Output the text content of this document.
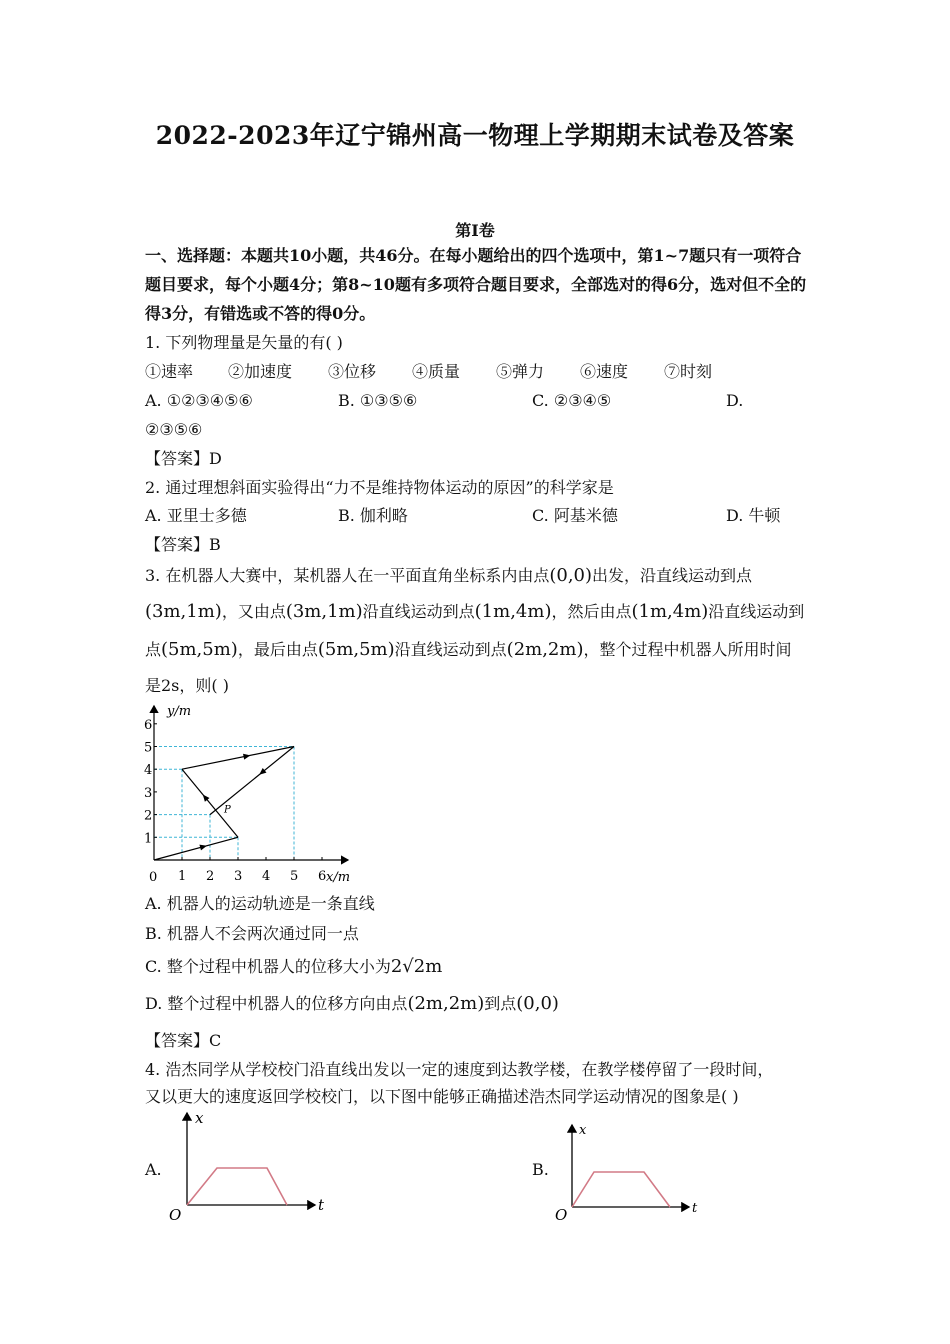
2022-2023年辽宁锦州高一物理上学期期末试卷及答案
第Ⅰ卷
一、选择题：本题共10小题，共46分。在每小题给出的四个选项中，第1~7题只有一项符合
题目要求，每个小题4分；第8~10题有多项符合题目要求，全部选对的得6分，选对但不全的
得3分，有错选或不答的得0分。
1. 下列物理量是矢量的有( )
①速率 ②加速度 ③位移 ④质量 ⑤弹力 ⑥速度 ⑦时刻
A. ①②③④⑤⑥	B. ①③⑤⑥	C. ②③④⑤	D.
②③⑤⑥
【答案】D
2. 通过理想斜面实验得出“力不是维持物体运动的原因”的科学家是
A. 亚里士多德	B. 伽利略	C. 阿基米德	D. 牛顿
【答案】B
3. 在机器人大赛中，某机器人在一平面直角坐标系内由点(0,0)出发，沿直线运动到点
(3m,1m)，又由点(3m,1m)沿直线运动到点(1m,4m)，然后由点(1m,4m)沿直线运动到
点(5m,5m)，最后由点(5m,5m)沿直线运动到点(2m,2m)，整个过程中机器人所用时间
是2s，则( )
1 2 3 4 5 6
1
2
3
4
5
6
y/m
x/m
0
P
A. 机器人的运动轨迹是一条直线
B. 机器人不会两次通过同一点
C. 整个过程中机器人的位移大小为2√2m
D. 整个过程中机器人的位移方向由点(2m,2m)到点(0,0)
【答案】C
4. 浩杰同学从学校校门沿直线出发以一定的速度到达教学楼，在教学楼停留了一段时间，
又以更大的速度返回学校校门，以下图中能够正确描述浩杰同学运动情况的图象是( )
A.
x
t
O
B.
x
t
O
